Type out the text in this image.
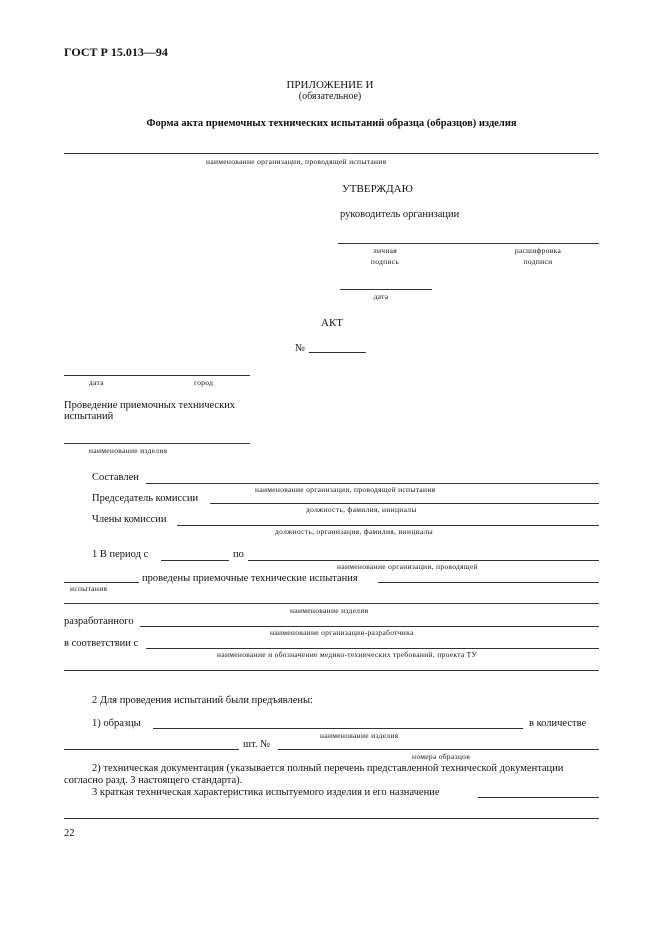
ГОСТ Р 15.013—94
ПРИЛОЖЕНИЕ И
(обязательное)
Форма акта приемочных технических испытаний образца (образцов) изделия
наименование организации, проводящей испытания
УТВЕРЖДАЮ
руководитель организации
личная
подпись
расшифровка
подписи
дата
АКТ
№
дата	город
Проведение приемочных технических
испытаний
наименование изделия
Составлен
наименование организации, проводящей испытания
Председатель комиссии
должность, фамилия, инициалы
Члены комиссии
должность, организация, фамилия, инициалы
1 В период с	по
наименование организации, проводящей
проведены приемочные технические испытания
испытания
наименование изделия
разработанного
наименование организации-разработчика
в соответствии с
наименование и обозначение медико-технических требований, проекта ТУ
2 Для проведения испытаний были предъявлены:
1) образцы	в количестве
наименование изделия
шт. №
номера образцов
2) техническая документация (указывается полный перечень представленной технической документации
согласно разд. 3 настоящего стандарта).
3 краткая техническая характеристика испытуемого изделия и его назначение
22
